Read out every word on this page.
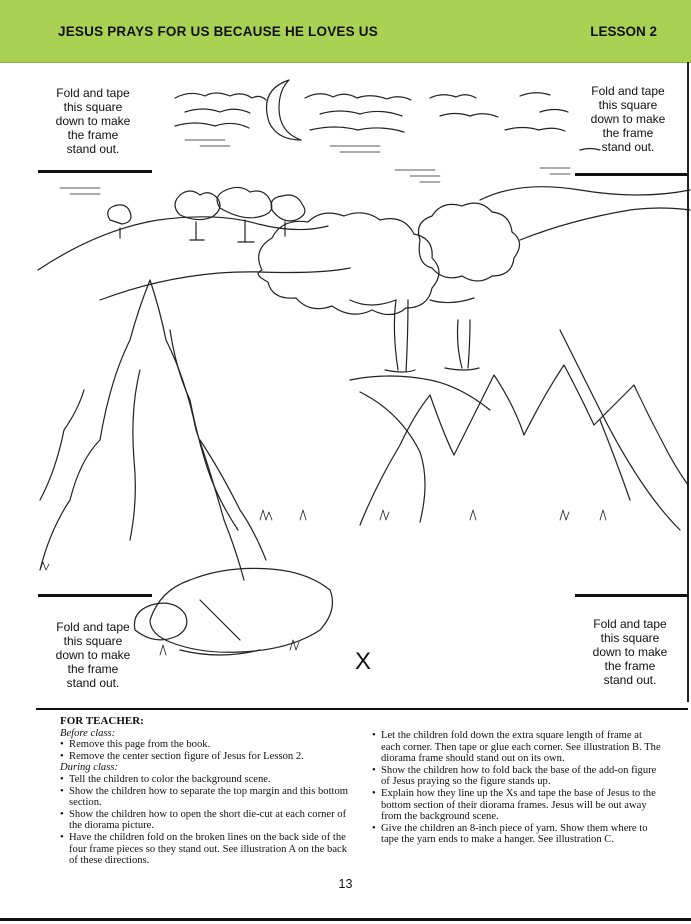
JESUS PRAYS FOR US BECAUSE HE LOVES US	LESSON 2
Fold and tape
this square
down to make
the frame
stand out.
Fold and tape
this square
down to make
the frame
stand out.
Fold and tape
this square
down to make
the frame
stand out.
Fold and tape
this square
down to make
the frame
stand out.
X
FOR TEACHER:
Before class:
• Remove this page from the book.
• Remove the center section figure of Jesus for Lesson 2.
During class:
• Tell the children to color the background scene.
• Show the children how to separate the top margin and this bottom section.
• Show the children how to open the short die-cut at each corner of the diorama picture.
• Have the children fold on the broken lines on the back side of the four frame pieces so they stand out. See illustration A on the back of these directions.
• Let the children fold down the extra square length of frame at each corner. Then tape or glue each corner. See illustration B. The diorama frame should stand out on its own.
• Show the children how to fold back the base of the add-on figure of Jesus praying so the figure stands up.
• Explain how they line up the Xs and tape the base of Jesus to the bottom section of their diorama frames. Jesus will be out away from the background scene.
• Give the children an 8-inch piece of yarn. Show them where to tape the yarn ends to make a hanger. See illustration C.
13
